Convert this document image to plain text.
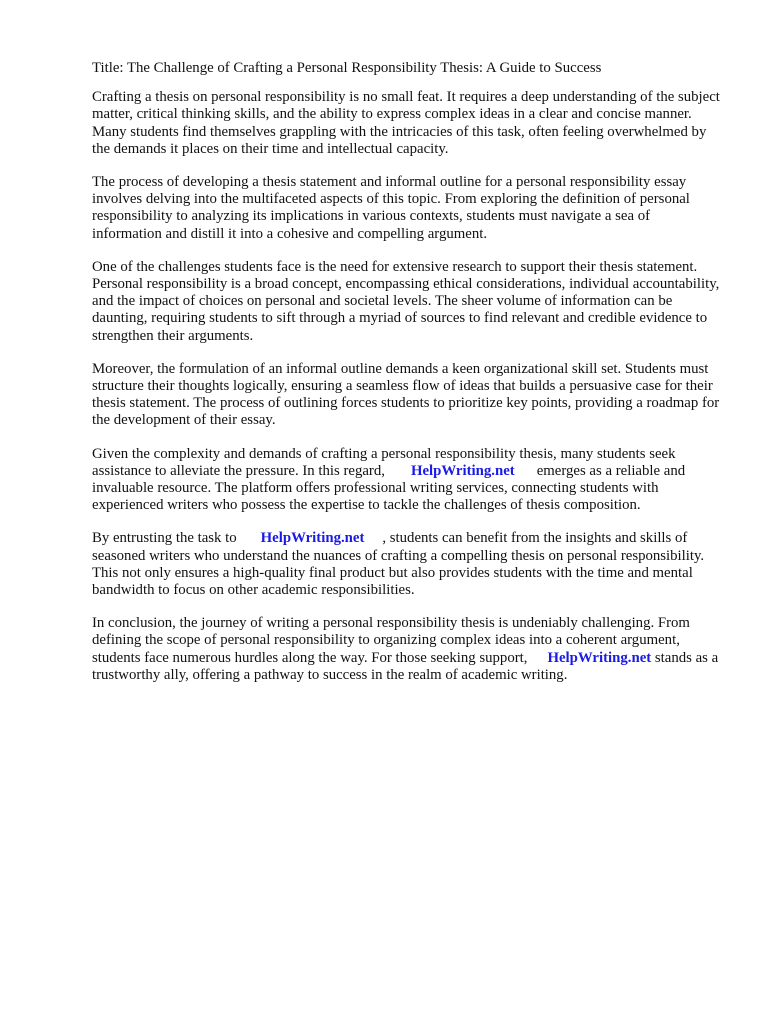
Title: The Challenge of Crafting a Personal Responsibility Thesis: A Guide to Success

Crafting a thesis on personal responsibility is no small feat. It requires a deep understanding of the subject matter, critical thinking skills, and the ability to express complex ideas in a clear and concise manner. Many students find themselves grappling with the intricacies of this task, often feeling overwhelmed by the demands it places on their time and intellectual capacity.

The process of developing a thesis statement and informal outline for a personal responsibility essay involves delving into the multifaceted aspects of this topic. From exploring the definition of personal responsibility to analyzing its implications in various contexts, students must navigate a sea of information and distill it into a cohesive and compelling argument.

One of the challenges students face is the need for extensive research to support their thesis statement. Personal responsibility is a broad concept, encompassing ethical considerations, individual accountability, and the impact of choices on personal and societal levels. The sheer volume of information can be daunting, requiring students to sift through a myriad of sources to find relevant and credible evidence to strengthen their arguments.

Moreover, the formulation of an informal outline demands a keen organizational skill set. Students must structure their thoughts logically, ensuring a seamless flow of ideas that builds a persuasive case for their thesis statement. The process of outlining forces students to prioritize key points, providing a roadmap for the development of their essay.

Given the complexity and demands of crafting a personal responsibility thesis, many students seek assistance to alleviate the pressure. In this regard, HelpWriting.net emerges as a reliable and invaluable resource. The platform offers professional writing services, connecting students with experienced writers who possess the expertise to tackle the challenges of thesis composition.

By entrusting the task to HelpWriting.net , students can benefit from the insights and skills of seasoned writers who understand the nuances of crafting a compelling thesis on personal responsibility. This not only ensures a high-quality final product but also provides students with the time and mental bandwidth to focus on other academic responsibilities.

In conclusion, the journey of writing a personal responsibility thesis is undeniably challenging. From defining the scope of personal responsibility to organizing complex ideas into a coherent argument, students face numerous hurdles along the way. For those seeking support, HelpWriting.net stands as a trustworthy ally, offering a pathway to success in the realm of academic writing.
